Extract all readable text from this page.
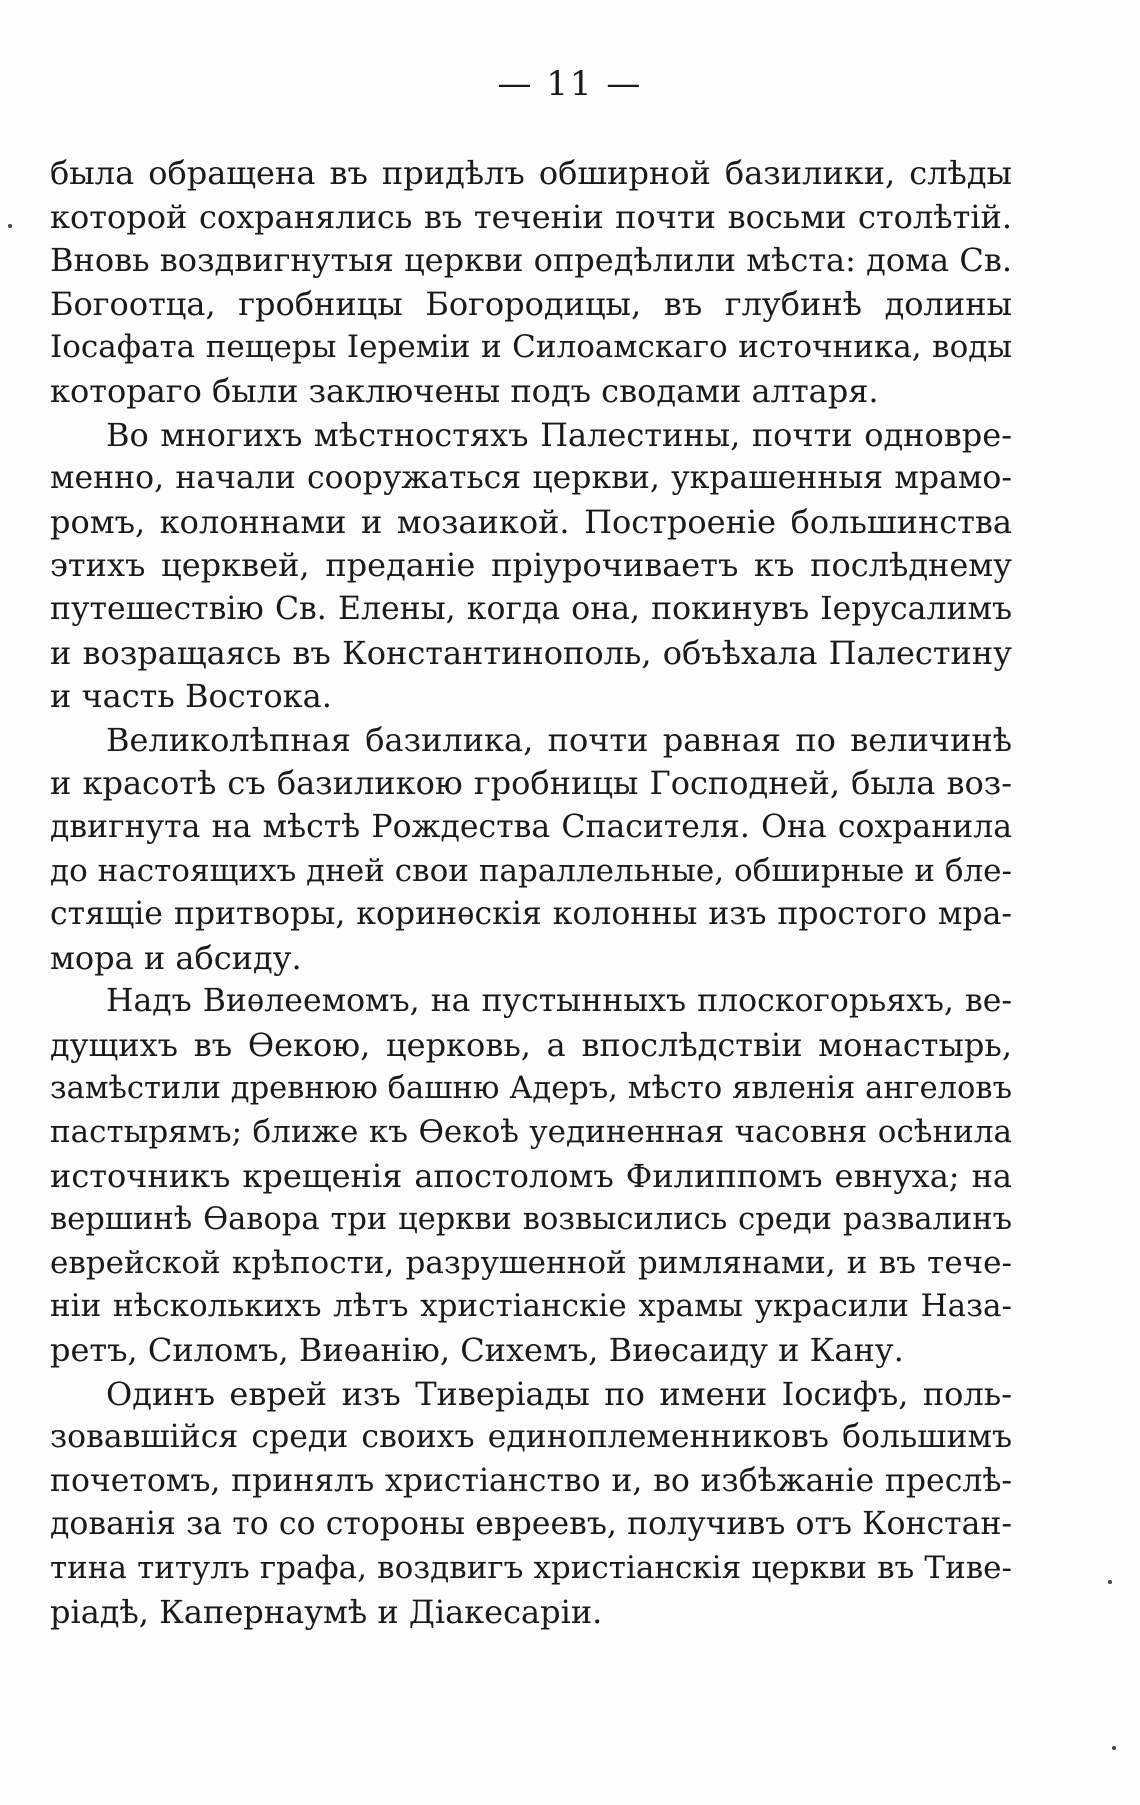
— 11 —
была обращена въ придѣлъ обширной базилики, слѣды
которой сохранялись въ теченіи почти восьми столѣтій.
Вновь воздвигнутыя церкви опредѣлили мѣста: дома Св.
Богоотца, гробницы Богородицы, въ глубинѣ долины
Іосафата пещеры Іереміи и Силоамскаго источника, воды
котораго были заключены подъ сводами алтаря.
Во многихъ мѣстностяхъ Палестины, почти одновре-
менно, начали сооружаться церкви, украшенныя мрамо-
ромъ, колоннами и мозаикой. Построеніе большинства
этихъ церквей, преданіе пріурочиваетъ къ послѣднему
путешествію Св. Елены, когда она, покинувъ Іерусалимъ
и возращаясь въ Константинополь, объѣхала Палестину
и часть Востока.
Великолѣпная базилика, почти равная по величинѣ
и красотѣ съ базиликою гробницы Господней, была воз-
двигнута на мѣстѣ Рождества Спасителя. Она сохранила
до настоящихъ дней свои параллельные, обширные и бле-
стящіе притворы, коринѳскія колонны изъ простого мра-
мора и абсиду.
Надъ Виѳлеемомъ, на пустынныхъ плоскогорьяхъ, ве-
дущихъ въ Ѳекою, церковь, а впослѣдствіи монастырь,
замѣстили древнюю башню Адеръ, мѣсто явленія ангеловъ
пастырямъ; ближе къ Ѳекоѣ уединенная часовня осѣнила
источникъ крещенія апостоломъ Филиппомъ евнуха; на
вершинѣ Ѳавора три церкви возвысились среди развалинъ
еврейской крѣпости, разрушенной римлянами, и въ тече-
ніи нѣсколькихъ лѣтъ христіанскіе храмы украсили Наза-
ретъ, Силомъ, Виѳанію, Сихемъ, Виѳсаиду и Кану.
Одинъ еврей изъ Тиверіады по имени Іосифъ, поль-
зовавшійся среди своихъ единоплеменниковъ большимъ
почетомъ, принялъ христіанство и, во избѣжаніе преслѣ-
дованія за то со стороны евреевъ, получивъ отъ Констан-
тина титулъ графа, воздвигъ христіанскія церкви въ Тиве-
ріадѣ, Капернаумѣ и Діакесаріи.
